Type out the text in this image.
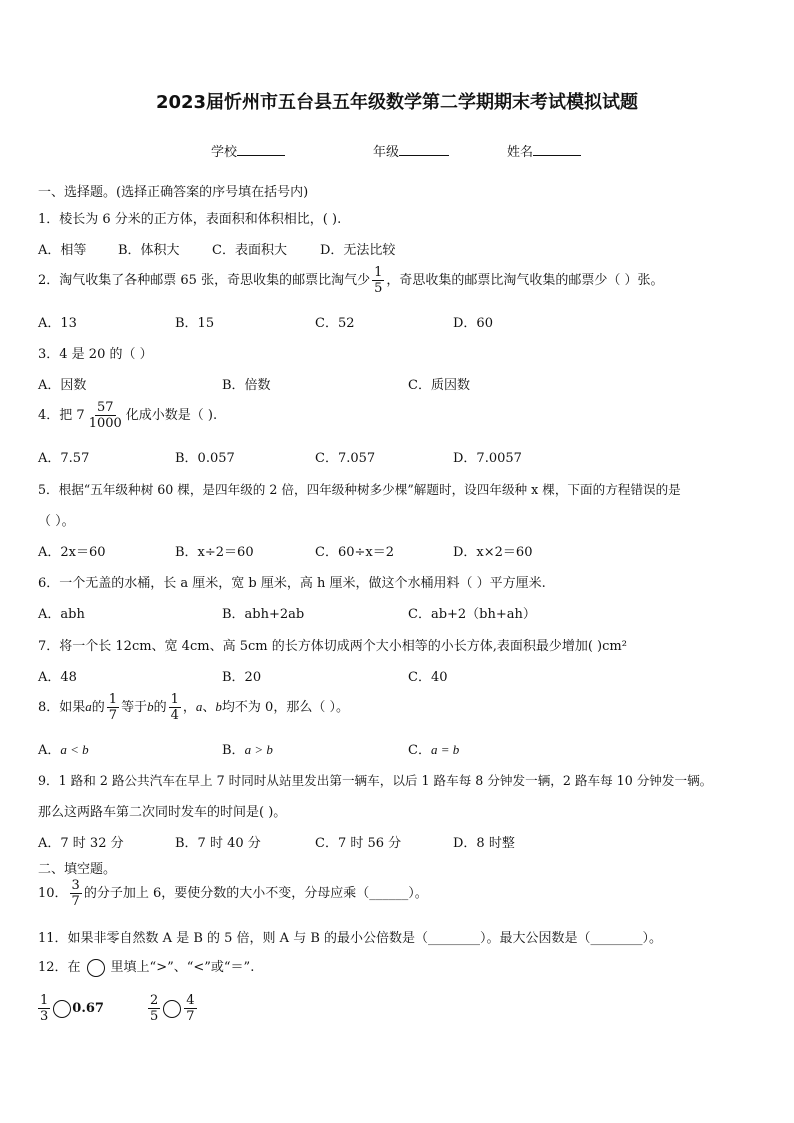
2023届忻州市五台县五年级数学第二学期期末考试模拟试题
学校	年级	姓名
一、选择题。(选择正确答案的序号填在括号内)
1．棱长为 6 分米的正方体，表面积和体积相比，( ).
A．相等 B．体积大 C．表面积大	D．无法比较
2．淘气收集了各种邮票 65 张，奇思收集的邮票比淘气少 $\frac{1}{5}$ ，奇思收集的邮票比淘气收集的邮票少（ ）张。
A．13	B．15	C．52	D．60
3．4 是 20 的（ ）
A．因数	B．倍数	C．质因数
4．把 $7 \frac{57}{1000}$ 化成小数是（ ).
A．7.57	B．0.057	C．7.057	D．7.0057
5．根据“五年级种树 60 棵，是四年级的 2 倍，四年级种树多少棵”解题时，设四年级种 x 棵，下面的方程错误的是
（ ）。
A．2x＝60	B．x÷2＝60	C．60÷x＝2	D．x×2＝60
6．一个无盖的水桶，长 a 厘米，宽 b 厘米，高 h 厘米，做这个水桶用料（ ）平方厘米.
A．abh	B．abh+2ab	C．ab+2（bh+ah）
7．将一个长 12cm、宽 4cm、高 5cm 的长方体切成两个大小相等的小长方体,表面积最少增加( )cm²
A．48	B．20	C．40
8．如果a的 $\frac{1}{7}$ 等于b的 $\frac{1}{4}$ ，a、b均不为 0，那么（ ）。
A．a < b	B．a > b	C．a = b
9．1 路和 2 路公共汽车在早上 7 时同时从站里发出第一辆车，以后 1 路车每 8 分钟发一辆，2 路车每 10 分钟发一辆。
那么这两路车第二次同时发车的时间是( )。
A．7 时 32 分	B．7 时 40 分	C．7 时 56 分	D．8 时整
二、填空题。
10． $\frac{3}{7}$ 的分子加上 6，要使分数的大小不变，分母应乘（______）。
11．如果非零自然数 A 是 B 的 5 倍，则 A 与 B 的最小公倍数是（________）。最大公因数是（________）。
12．在 里填上“>”、“<”或“＝”.
$\frac{1}{3} 0.67$	$\frac{2}{5} \frac{4}{7}$
